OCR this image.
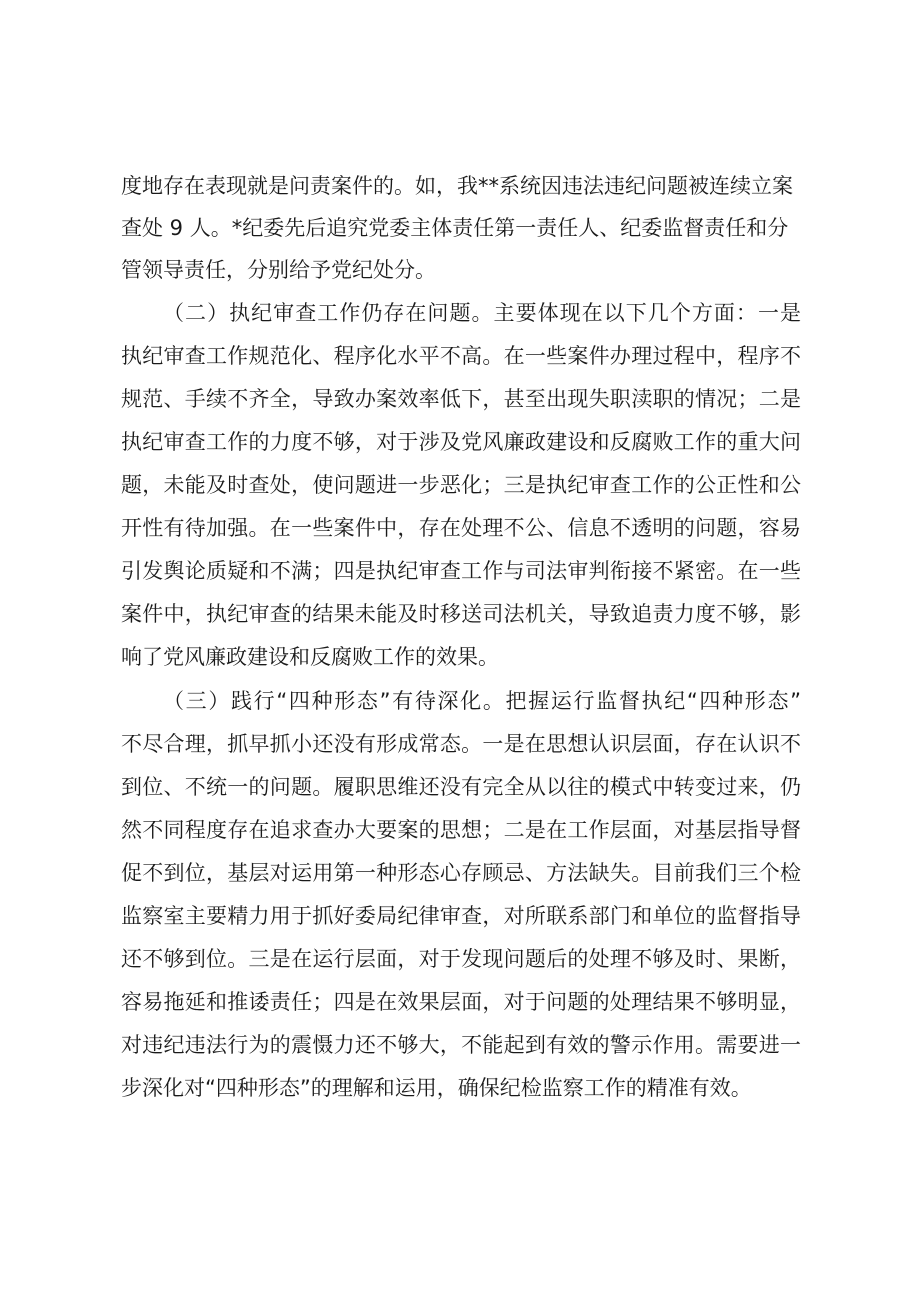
度地存在表现就是问责案件的。如，我**系统因违法违纪问题被连续立案
查处 9 人。*纪委先后追究党委主体责任第一责任人、纪委监督责任和分
管领导责任，分别给予党纪处分。
（二）执纪审查工作仍存在问题。主要体现在以下几个方面：一是
执纪审查工作规范化、程序化水平不高。在一些案件办理过程中，程序不
规范、手续不齐全，导致办案效率低下，甚至出现失职渎职的情况；二是
执纪审查工作的力度不够，对于涉及党风廉政建设和反腐败工作的重大问
题，未能及时查处，使问题进一步恶化；三是执纪审查工作的公正性和公
开性有待加强。在一些案件中，存在处理不公、信息不透明的问题，容易
引发舆论质疑和不满；四是执纪审查工作与司法审判衔接不紧密。在一些
案件中，执纪审查的结果未能及时移送司法机关，导致追责力度不够，影
响了党风廉政建设和反腐败工作的效果。
（三）践行“四种形态”有待深化。把握运行监督执纪“四种形态”
不尽合理，抓早抓小还没有形成常态。一是在思想认识层面，存在认识不
到位、不统一的问题。履职思维还没有完全从以往的模式中转变过来，仍
然不同程度存在追求查办大要案的思想；二是在工作层面，对基层指导督
促不到位，基层对运用第一种形态心存顾忌、方法缺失。目前我们三个检
监察室主要精力用于抓好委局纪律审查，对所联系部门和单位的监督指导
还不够到位。三是在运行层面，对于发现问题后的处理不够及时、果断，
容易拖延和推诿责任；四是在效果层面，对于问题的处理结果不够明显，
对违纪违法行为的震慑力还不够大，不能起到有效的警示作用。需要进一
步深化对“四种形态”的理解和运用，确保纪检监察工作的精准有效。
